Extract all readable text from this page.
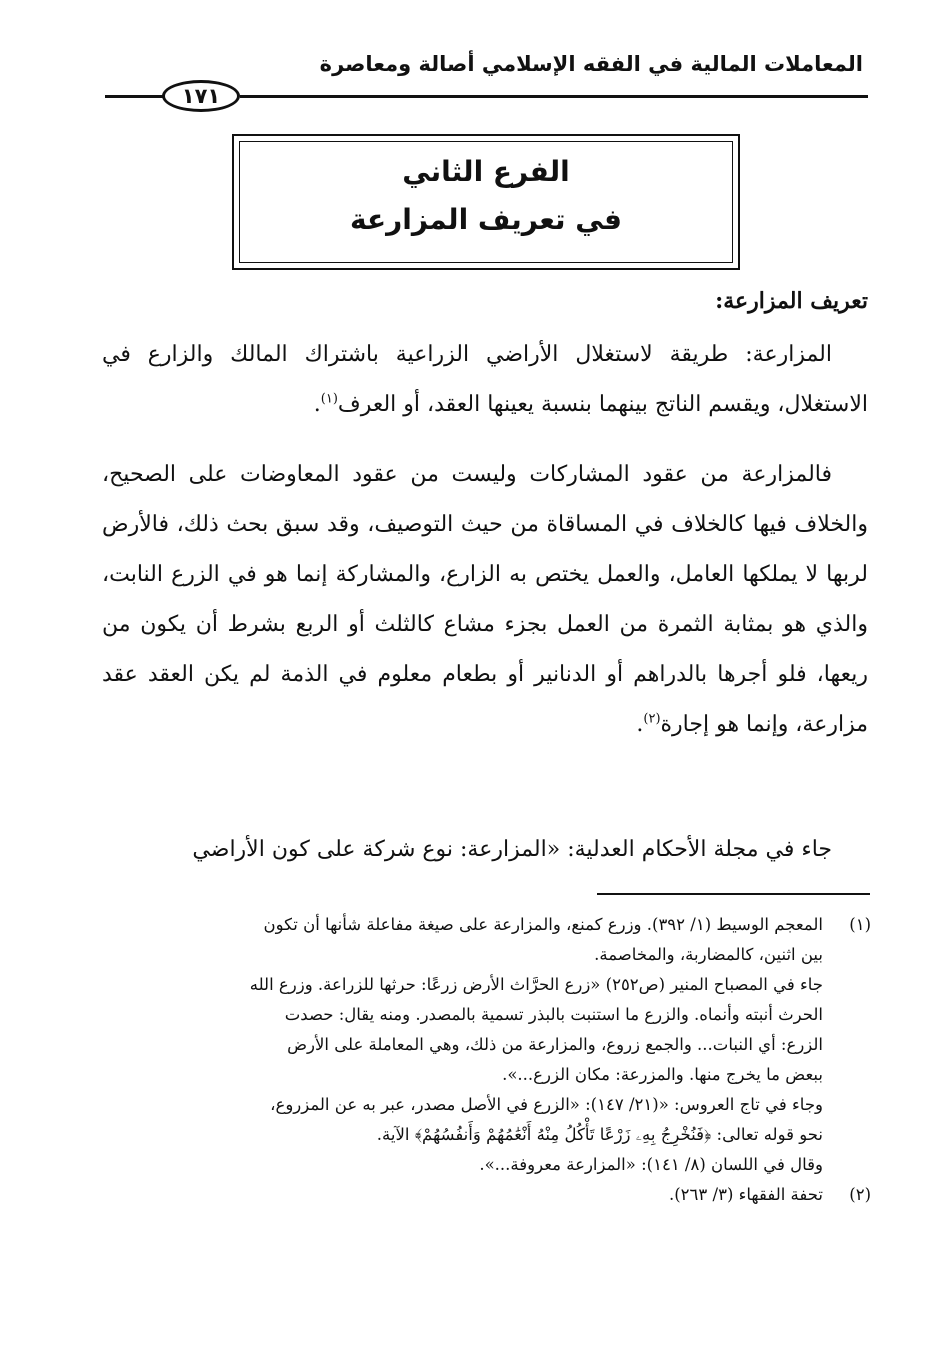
المعاملات المالية في الفقه الإسلامي أصالة ومعاصرة
١٧١
الفرع الثاني
في تعريف المزارعة
تعريف المزارعة:
المزارعة: طريقة لاستغلال الأراضي الزراعية باشتراك المالك والزارع في الاستغلال، ويقسم الناتج بينهما بنسبة يعينها العقد، أو العرف$^{(١)}$.
فالمزارعة من عقود المشاركات وليست من عقود المعاوضات على الصحيح، والخلاف فيها كالخلاف في المساقاة من حيث التوصيف، وقد سبق بحث ذلك، فالأرض لربها لا يملكها العامل، والعمل يختص به الزارع، والمشاركة إنما هو في الزرع النابت، والذي هو بمثابة الثمرة من العمل بجزء مشاع كالثلث أو الربع بشرط أن يكون من ريعها، فلو أجرها بالدراهم أو الدنانير أو بطعام معلوم في الذمة لم يكن العقد عقد مزارعة، وإنما هو إجارة$^{(٢)}$.
جاء في مجلة الأحكام العدلية: «المزارعة: نوع شركة على كون الأراضي
(١)
المعجم الوسيط (١/ ٣٩٢). وزرع كمنع، والمزارعة على صيغة مفاعلة شأنها أن تكون
بين اثنين، كالمضاربة، والمخاصمة.
جاء في المصباح المنير (ص٢٥٢) «زرع الحرَّاث الأرض زرعًا: حرثها للزراعة. وزرع الله
الحرث أنبته وأنماه. والزرع ما استنبت بالبذر تسمية بالمصدر. ومنه يقال: حصدت
الزرع: أي النبات... والجمع زروع، والمزارعة من ذلك، وهي المعاملة على الأرض
ببعض ما يخرج منها. والمزرعة: مكان الزرع...».
وجاء في تاج العروس: «(٢١/ ١٤٧): «الزرع في الأصل مصدر، عبر به عن المزروع،
نحو قوله تعالى: ﴿فَنُخْرِجُ بِهِۦ زَرْعًا تَأْكُلُ مِنْهُ أَنْعَٰمُهُمْ وَأَنفُسُهُمْ﴾ الآية.
وقال في اللسان (٨/ ١٤١): «المزارعة معروفة...».
(٢)
تحفة الفقهاء (٣/ ٢٦٣).
